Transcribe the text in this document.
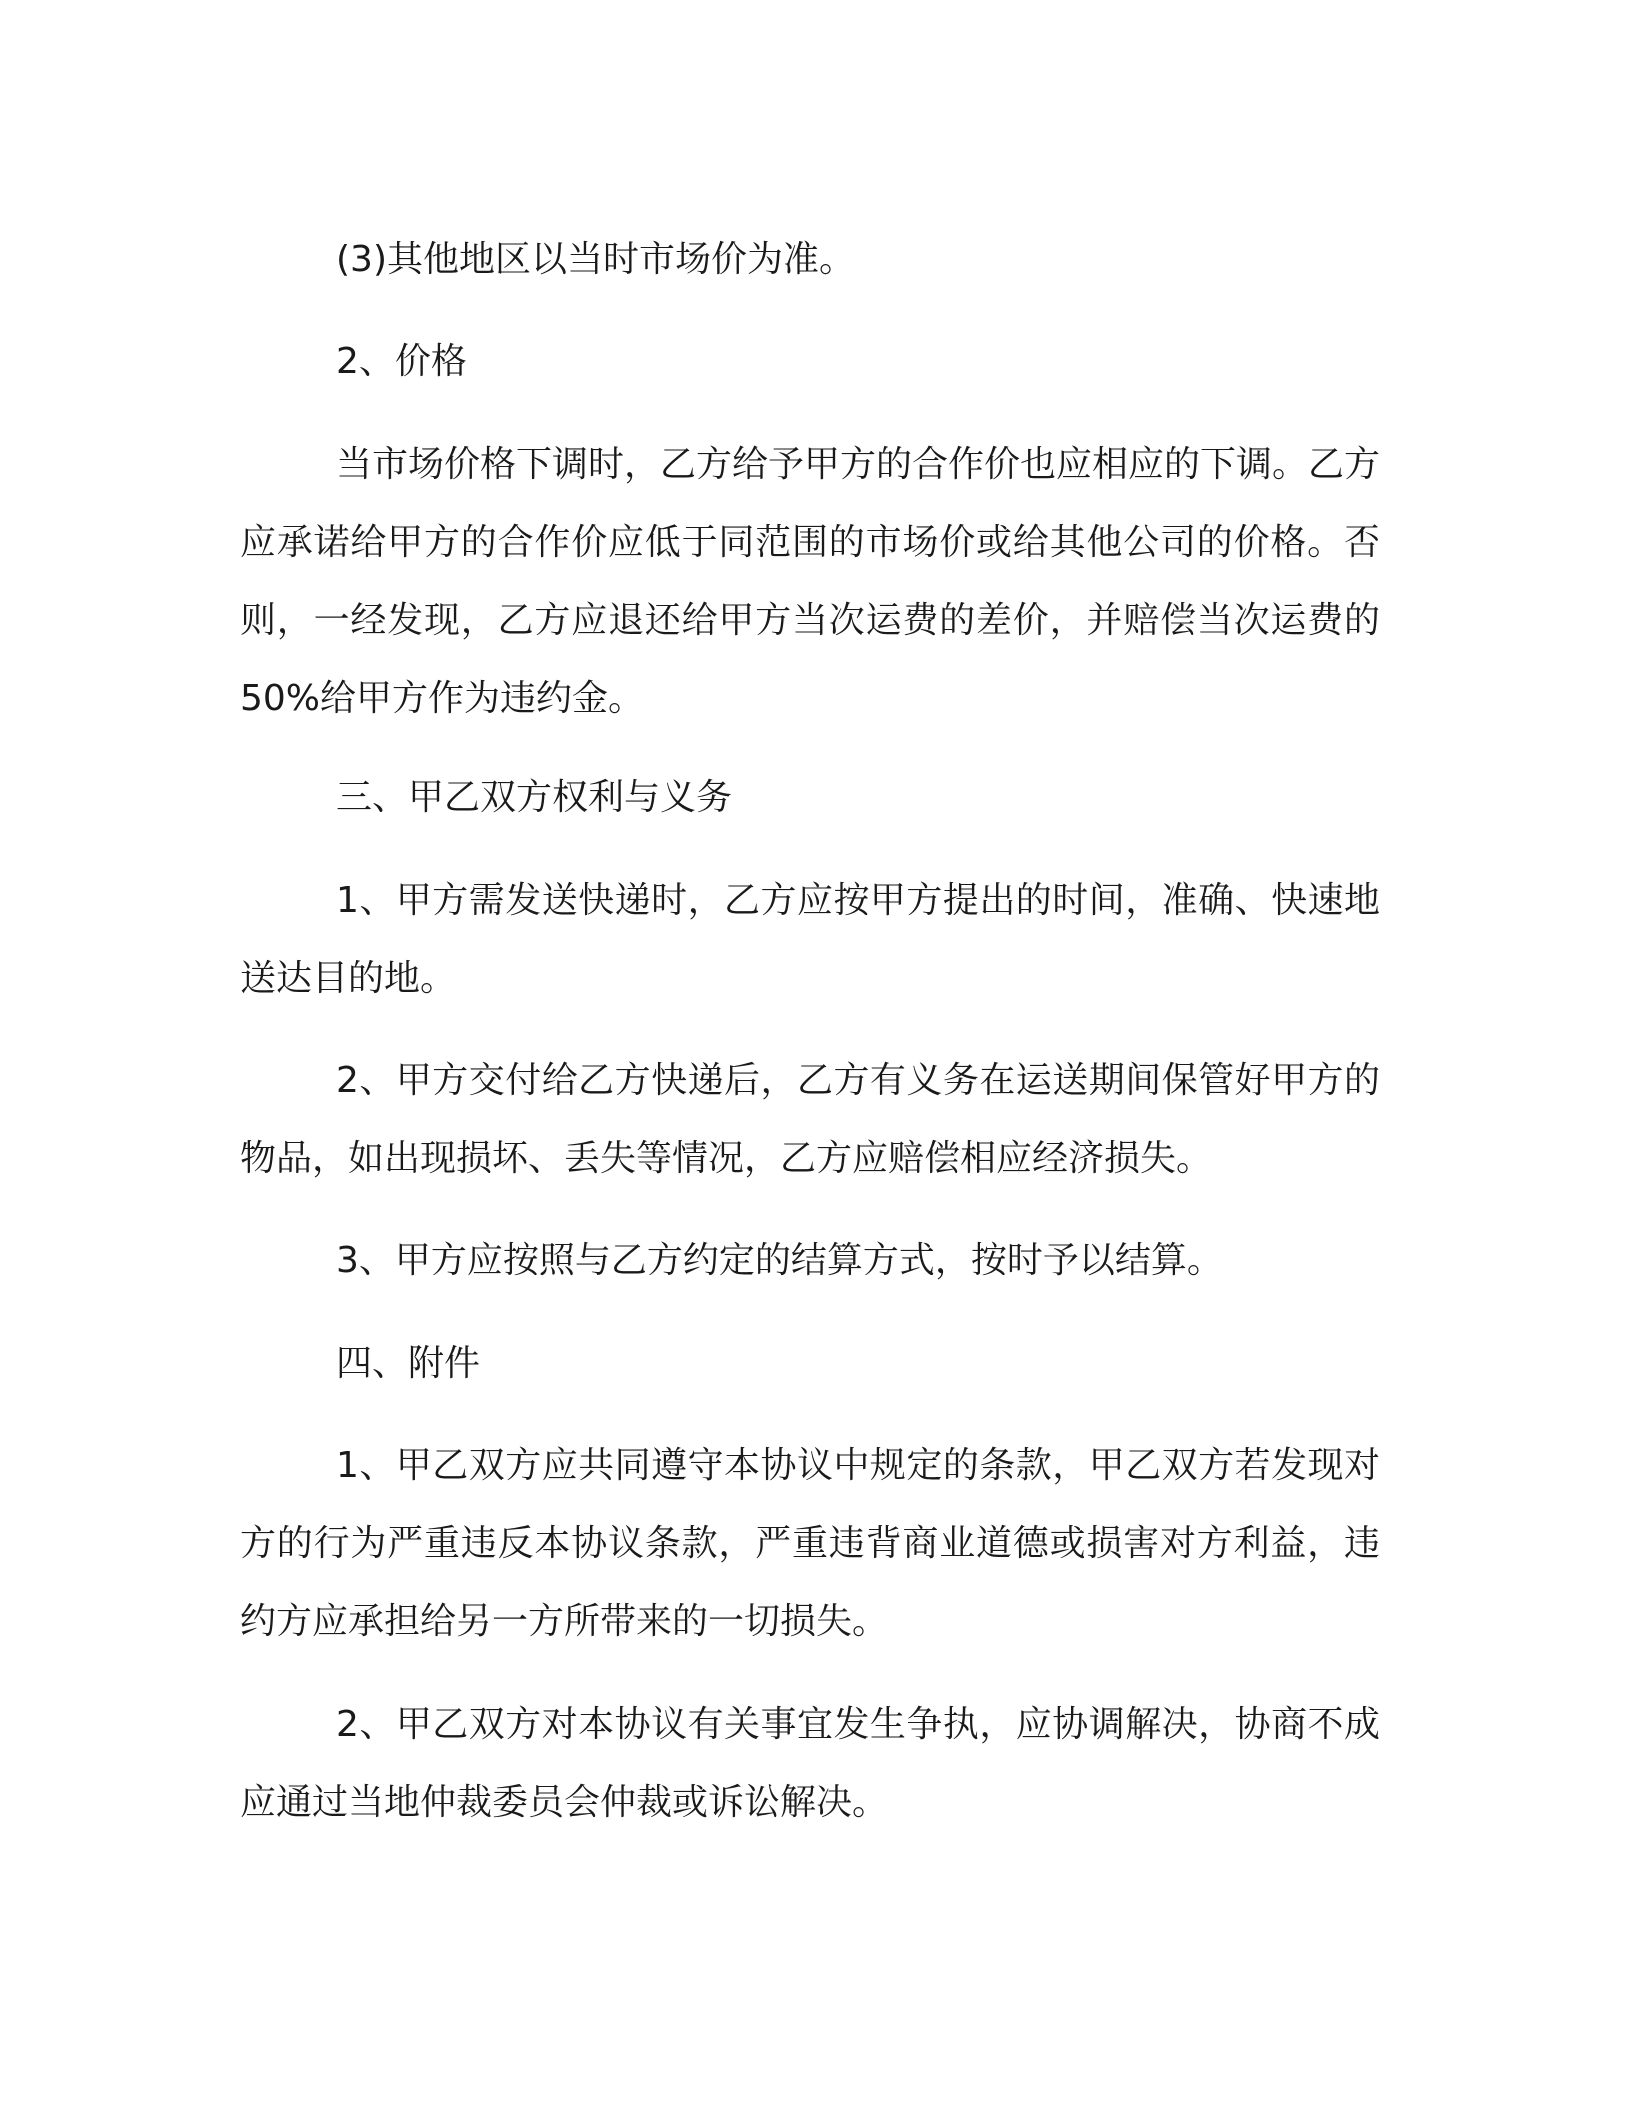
(3)其他地区以当时市场价为准。

2、价格

当市场价格下调时，乙方给予甲方的合作价也应相应的下调。乙方应承诺给甲方的合作价应低于同范围的市场价或给其他公司的价格。否则，一经发现，乙方应退还给甲方当次运费的差价，并赔偿当次运费的 50%给甲方作为违约金。

三、甲乙双方权利与义务

1、甲方需发送快递时，乙方应按甲方提出的时间，准确、快速地送达目的地。

2、甲方交付给乙方快递后，乙方有义务在运送期间保管好甲方的物品，如出现损坏、丢失等情况，乙方应赔偿相应经济损失。

3、甲方应按照与乙方约定的结算方式，按时予以结算。

四、附件

1、甲乙双方应共同遵守本协议中规定的条款，甲乙双方若发现对方的行为严重违反本协议条款，严重违背商业道德或损害对方利益，违约方应承担给另一方所带来的一切损失。

2、甲乙双方对本协议有关事宜发生争执，应协调解决，协商不成应通过当地仲裁委员会仲裁或诉讼解决。
